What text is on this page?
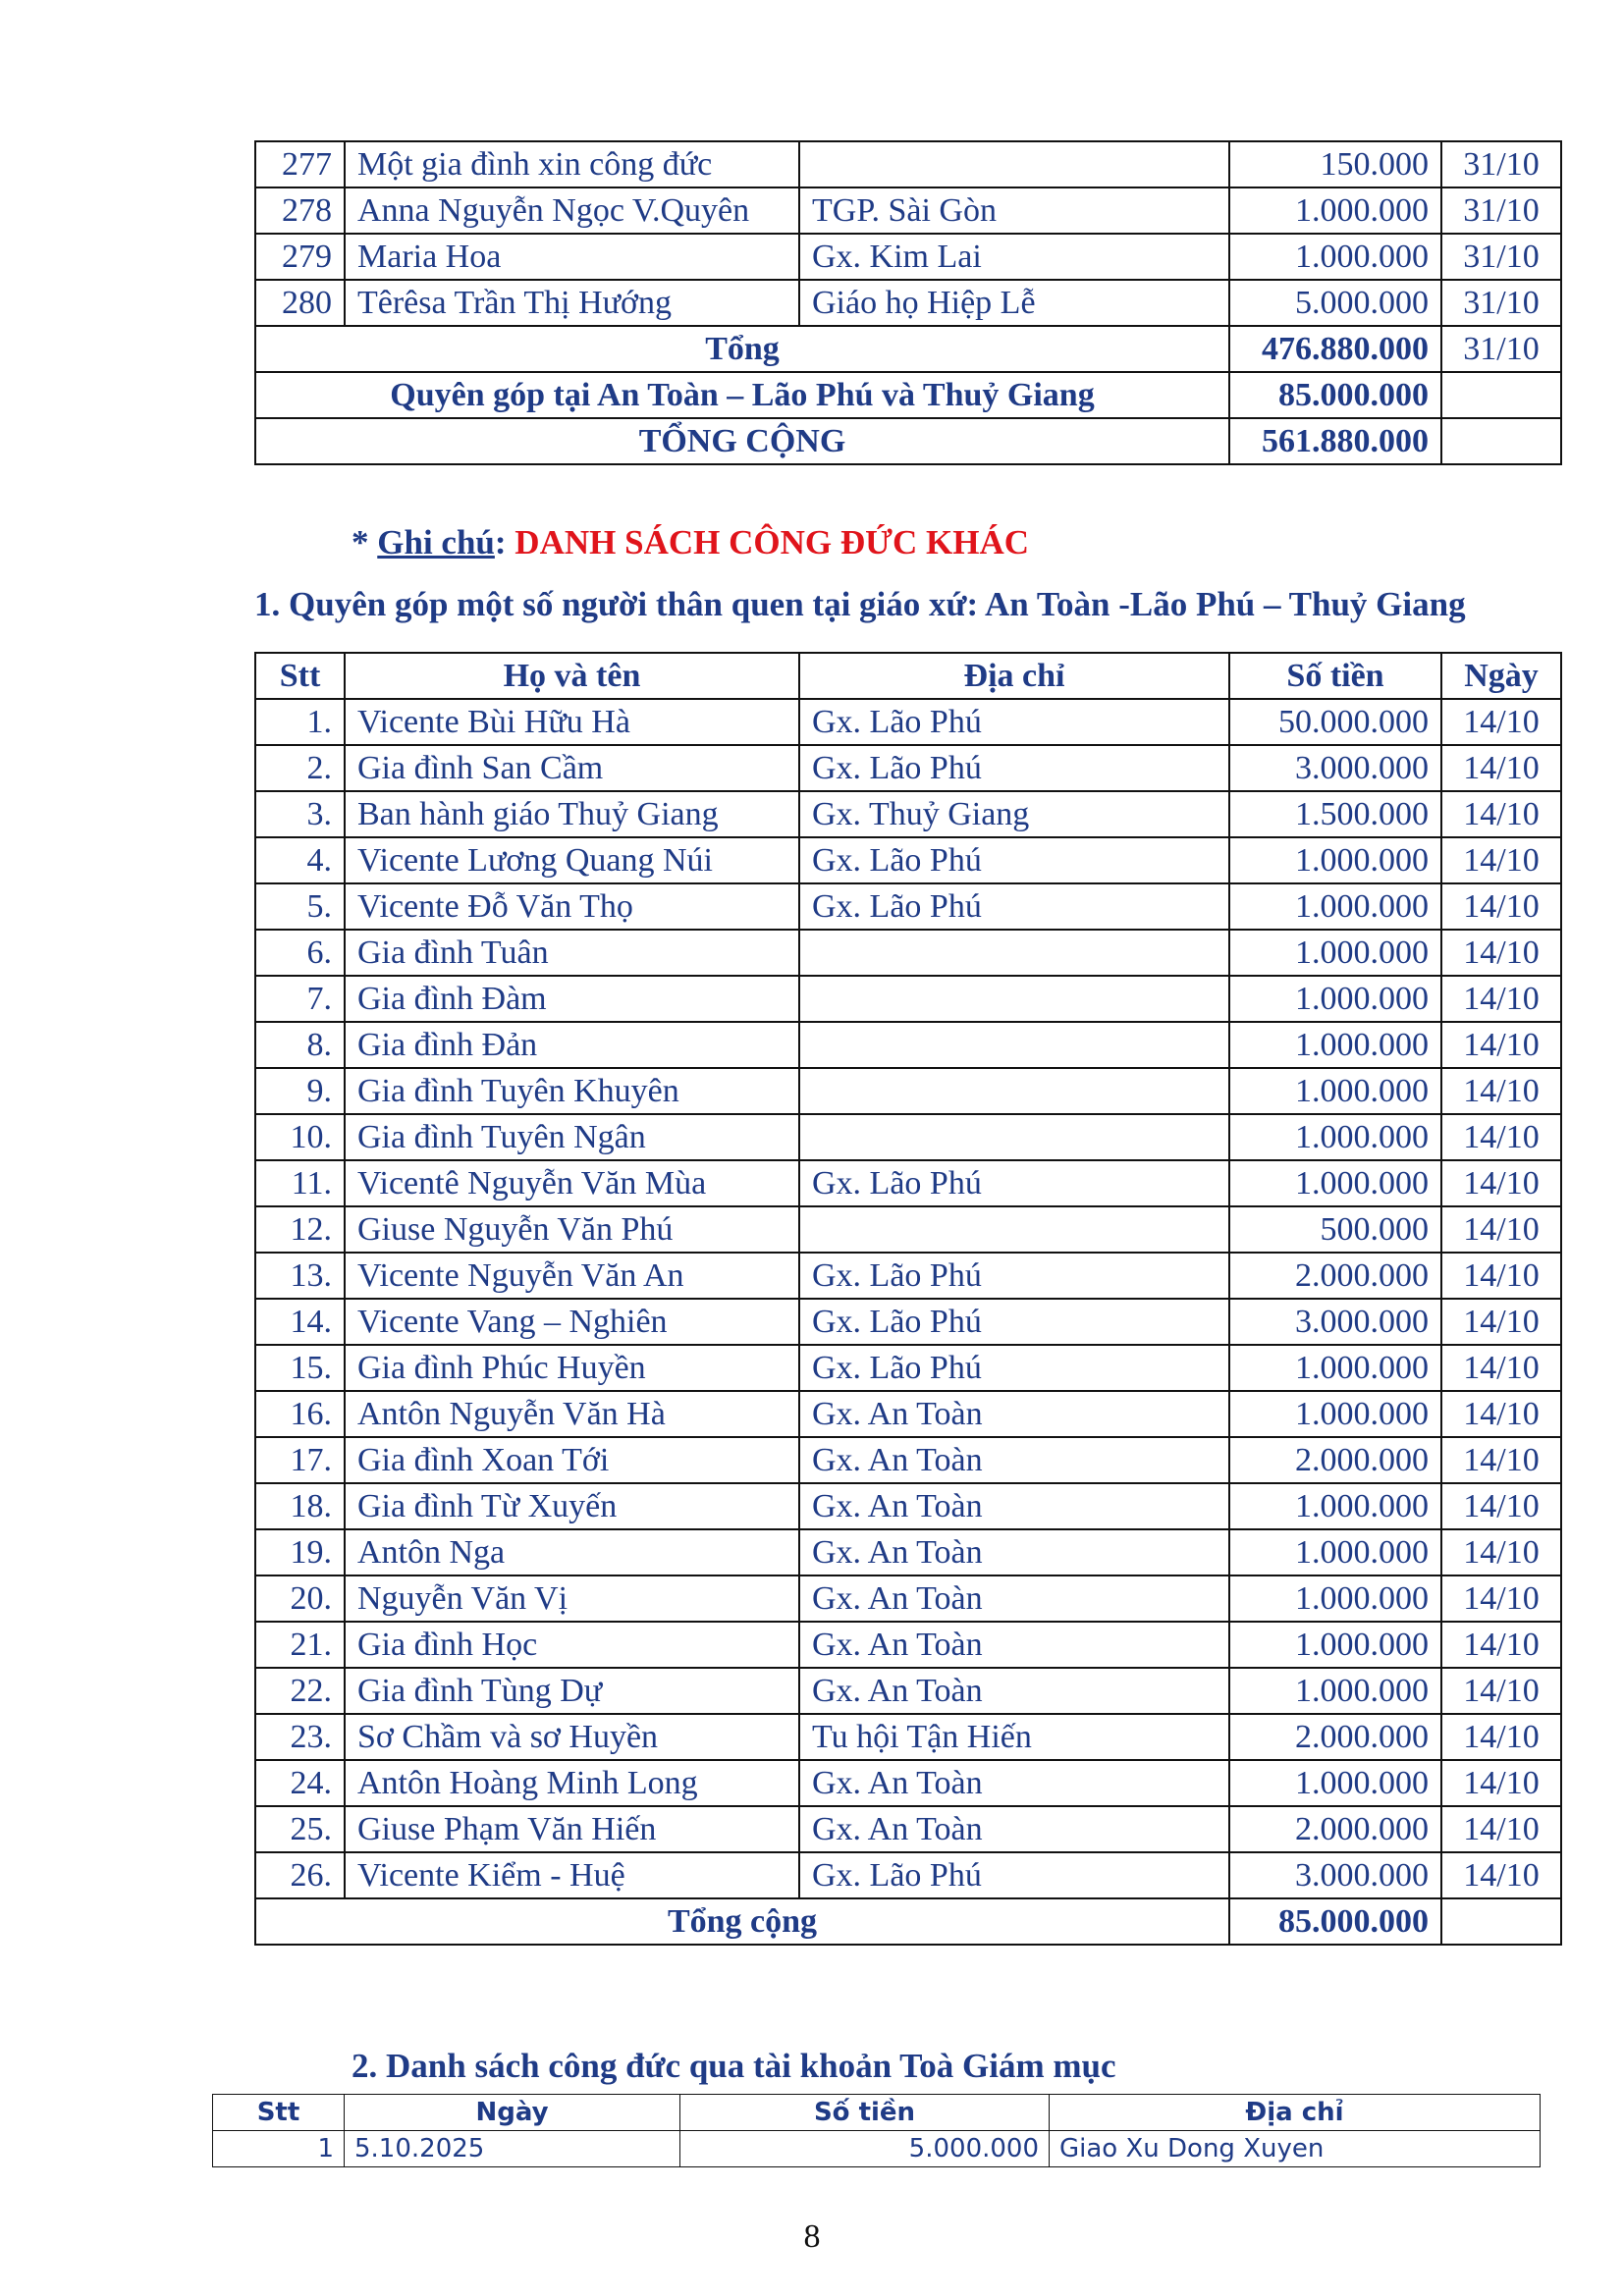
277	Một gia đình xin công đức		150.000	31/10
278	Anna Nguyễn Ngọc V.Quyên	TGP. Sài Gòn	1.000.000	31/10
279	Maria Hoa	Gx. Kim Lai	1.000.000	31/10
280	Têrêsa Trần Thị Hướng	Giáo họ Hiệp Lễ	5.000.000	31/10
Tổng			476.880.000	31/10
Quyên góp tại An Toàn – Lão Phú và Thuỷ Giang			85.000.000	
TỔNG CỘNG			561.880.000	
* Ghi chú: DANH SÁCH CÔNG ĐỨC KHÁC
1. Quyên góp một số người thân quen tại giáo xứ: An Toàn -Lão Phú – Thuỷ Giang
Stt	Họ và tên	Địa chỉ	Số tiền	Ngày
1.	Vicente Bùi Hữu Hà	Gx. Lão Phú	50.000.000	14/10
2.	Gia đình San Cầm	Gx. Lão Phú	3.000.000	14/10
3.	Ban hành giáo Thuỷ Giang	Gx. Thuỷ Giang	1.500.000	14/10
4.	Vicente Lương Quang Núi	Gx. Lão Phú	1.000.000	14/10
5.	Vicente Đỗ Văn Thọ	Gx. Lão Phú	1.000.000	14/10
6.	Gia đình Tuân		1.000.000	14/10
7.	Gia đình Đàm		1.000.000	14/10
8.	Gia đình Đản		1.000.000	14/10
9.	Gia đình Tuyên Khuyên		1.000.000	14/10
10.	Gia đình Tuyên Ngân		1.000.000	14/10
11.	Vicentê Nguyễn Văn Mùa	Gx. Lão Phú	1.000.000	14/10
12.	Giuse Nguyễn Văn Phú		500.000	14/10
13.	Vicente Nguyễn Văn An	Gx. Lão Phú	2.000.000	14/10
14.	Vicente Vang – Nghiên	Gx. Lão Phú	3.000.000	14/10
15.	Gia đình Phúc Huyền	Gx. Lão Phú	1.000.000	14/10
16.	Antôn Nguyễn Văn Hà	Gx. An Toàn	1.000.000	14/10
17.	Gia đình Xoan Tới	Gx. An Toàn	2.000.000	14/10
18.	Gia đình Từ Xuyến	Gx. An Toàn	1.000.000	14/10
19.	Antôn Nga	Gx. An Toàn	1.000.000	14/10
20.	Nguyễn Văn Vị	Gx. An Toàn	1.000.000	14/10
21.	Gia đình Học	Gx. An Toàn	1.000.000	14/10
22.	Gia đình Tùng Dự	Gx. An Toàn	1.000.000	14/10
23.	Sơ Chầm và sơ Huyền	Tu hội Tận Hiến	2.000.000	14/10
24.	Antôn Hoàng Minh Long	Gx. An Toàn	1.000.000	14/10
25.	Giuse Phạm Văn Hiến	Gx. An Toàn	2.000.000	14/10
26.	Vicente Kiểm - Huệ	Gx. Lão Phú	3.000.000	14/10
Tổng cộng			85.000.000	
2. Danh sách công đức qua tài khoản Toà Giám mục
Stt	Ngày	Số tiền	Địa chỉ
1	5.10.2025	5.000.000	Giao Xu Dong Xuyen
8
